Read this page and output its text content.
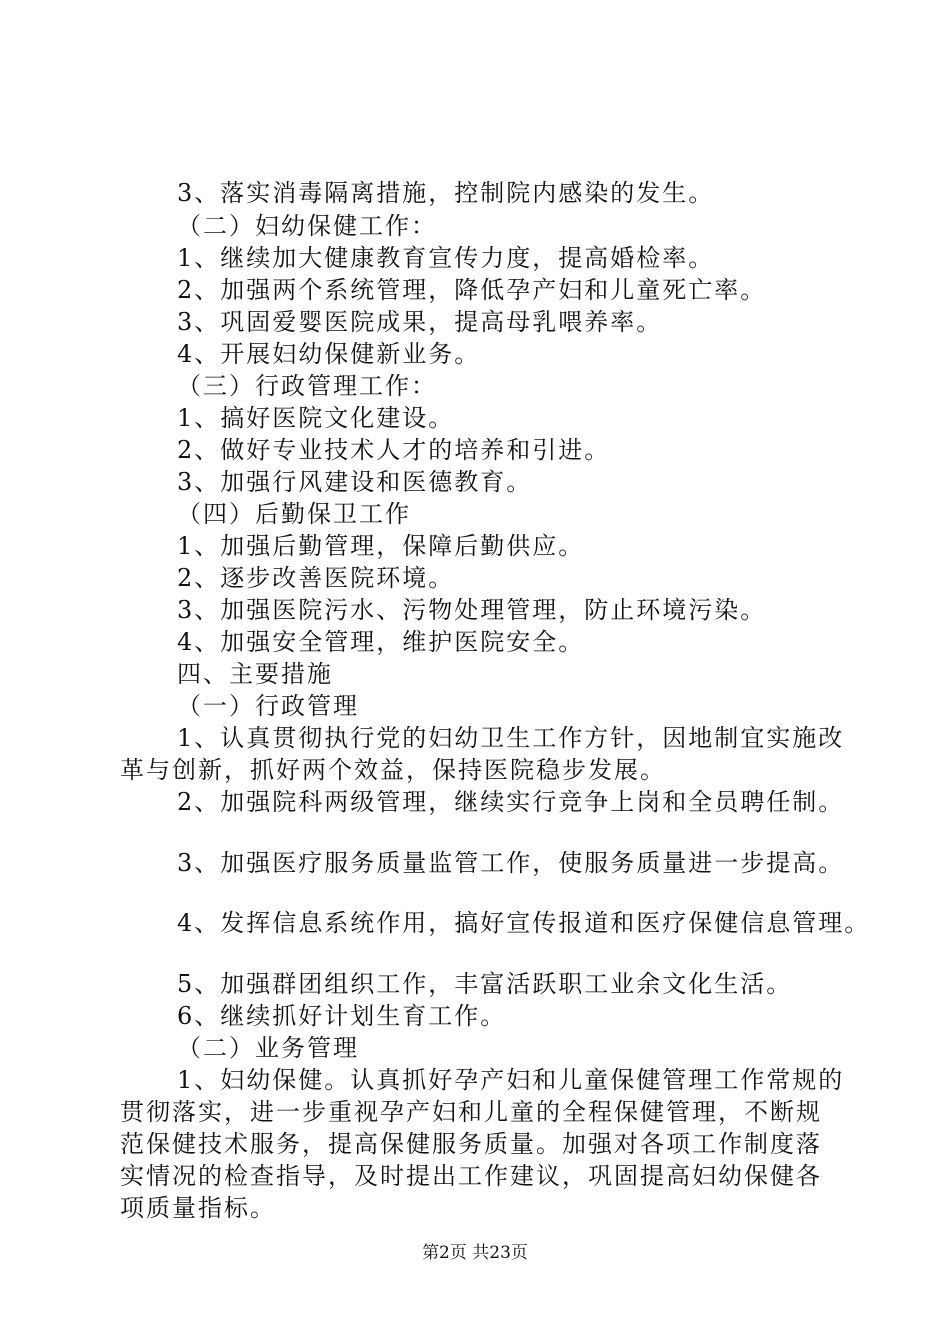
3、落实消毒隔离措施，控制院内感染的发生。
（二）妇幼保健工作：
1、继续加大健康教育宣传力度，提高婚检率。
2、加强两个系统管理，降低孕产妇和儿童死亡率。
3、巩固爱婴医院成果，提高母乳喂养率。
4、开展妇幼保健新业务。
（三）行政管理工作：
1、搞好医院文化建设。
2、做好专业技术人才的培养和引进。
3、加强行风建设和医德教育。
（四）后勤保卫工作
1、加强后勤管理，保障后勤供应。
2、逐步改善医院环境。
3、加强医院污水、污物处理管理，防止环境污染。
4、加强安全管理，维护医院安全。
四、主要措施
（一）行政管理
1、认真贯彻执行党的妇幼卫生工作方针，因地制宜实施改
革与创新，抓好两个效益，保持医院稳步发展。
2、加强院科两级管理，继续实行竞争上岗和全员聘任制。
3、加强医疗服务质量监管工作，使服务质量进一步提高。
4、发挥信息系统作用，搞好宣传报道和医疗保健信息管理。
5、加强群团组织工作，丰富活跃职工业余文化生活。
6、继续抓好计划生育工作。
（二）业务管理
1、妇幼保健。认真抓好孕产妇和儿童保健管理工作常规的
贯彻落实，进一步重视孕产妇和儿童的全程保健管理，不断规
范保健技术服务，提高保健服务质量。加强对各项工作制度落
实情况的检查指导，及时提出工作建议，巩固提高妇幼保健各
项质量指标。
第2页 共23页
